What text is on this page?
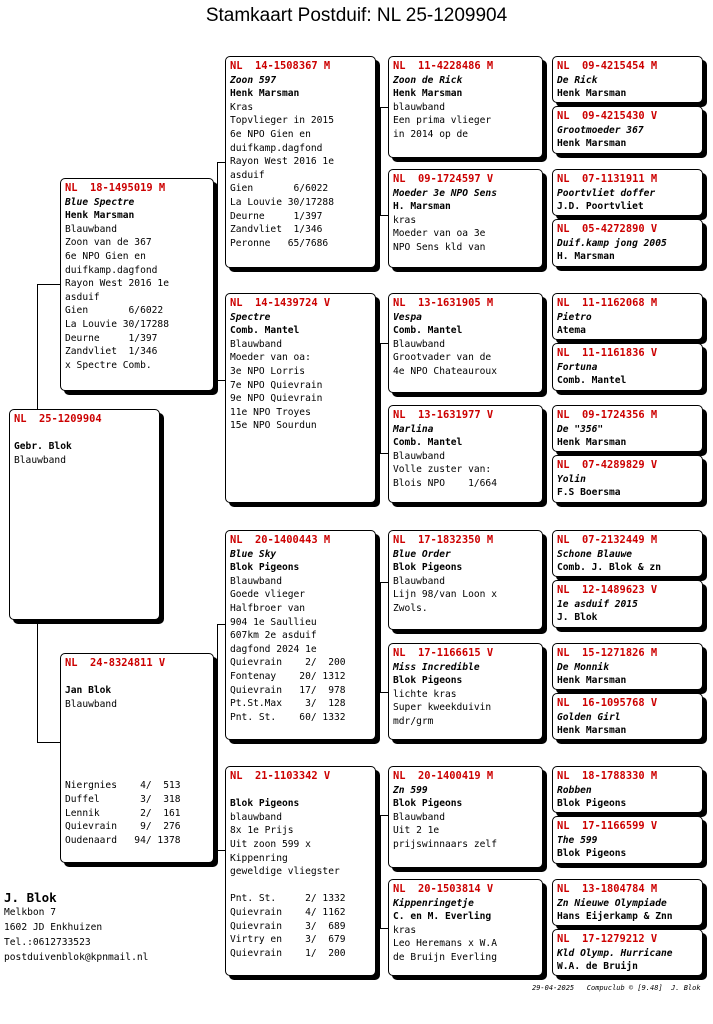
Stamkaart Postduif: NL 25-1209904
NL  25-1209904
Gebr. Blok
Blauwband
NL  18-1495019 M
Blue Spectre
Henk Marsman
Blauwband
Zoon van de 367
6e NPO Gien en
duifkamp.dagfond
Rayon West 2016 1e
asduif
Gien       6/6022
La Louvie 30/17288
Deurne     1/397
Zandvliet  1/346
x Spectre Comb.
NL  24-8324811 V
Jan Blok
Blauwband
Niergnies    4/  513
Duffel       3/  318
Lennik       2/  161
Quievrain    9/  276
Oudenaard   94/ 1378
NL  14-1508367 M
Zoon 597
Henk Marsman
Kras
Topvlieger in 2015
6e NPO Gien en
duifkamp.dagfond
Rayon West 2016 1e
asduif
Gien       6/6022
La Louvie 30/17288
Deurne     1/397
Zandvliet  1/346
Peronne   65/7686
NL  14-1439724 V
Spectre
Comb. Mantel
Blauwband
Moeder van oa:
3e NPO Lorris
7e NPO Quievrain
9e NPO Quievrain
11e NPO Troyes
15e NPO Sourdun
NL  20-1400443 M
Blue Sky
Blok Pigeons
Blauwband
Goede vlieger
Halfbroer van
904 1e Saullieu
607km 2e asduif
dagfond 2024 1e
Quievrain    2/  200
Fontenay    20/ 1312
Quievrain   17/  978
Pt.St.Max    3/  128
Pnt. St.    60/ 1332
NL  21-1103342 V
Blok Pigeons
blauwband
8x 1e Prijs
Uit zoon 599 x
Kippenring
geweldige vliegster
Pnt. St.     2/ 1332
Quievrain    4/ 1162
Quievrain    3/  689
Virtry en    3/  679
Quievrain    1/  200
NL  11-4228486 M
Zoon de Rick
Henk Marsman
blauwband
Een prima vlieger
in 2014 op de
NL  09-1724597 V
Moeder 3e NPO Sens
H. Marsman
kras
Moeder van oa 3e
NPO Sens kld van
NL  13-1631905 M
Vespa
Comb. Mantel
Blauwband
Grootvader van de
4e NPO Chateauroux
NL  13-1631977 V
Marlina
Comb. Mantel
Blauwband
Volle zuster van:
Blois NPO    1/664
NL  17-1832350 M
Blue Order
Blok Pigeons
Blauwband
Lijn 98/van Loon x
Zwols.
NL  17-1166615 V
Miss Incredible
Blok Pigeons
lichte kras
Super kweekduivin
mdr/grm
NL  20-1400419 M
Zn 599
Blok Pigeons
Blauwband
Uit 2 1e
prijswinnaars zelf
NL  20-1503814 V
Kippenringetje
C. en M. Everling
kras
Leo Heremans x W.A
de Bruijn Everling
NL  09-4215454 M
De Rick
Henk Marsman
NL  09-4215430 V
Grootmoeder 367
Henk Marsman
NL  07-1131911 M
Poortvliet doffer
J.D. Poortvliet
NL  05-4272890 V
Duif.kamp jong 2005
H. Marsman
NL  11-1162068 M
Pietro
Atema
NL  11-1161836 V
Fortuna
Comb. Mantel
NL  09-1724356 M
De "356"
Henk Marsman
NL  07-4289829 V
Yolin
F.S Boersma
NL  07-2132449 M
Schone Blauwe
Comb. J. Blok & zn
NL  12-1489623 V
1e asduif 2015
J. Blok
NL  15-1271826 M
De Monnik
Henk Marsman
NL  16-1095768 V
Golden Girl
Henk Marsman
NL  18-1788330 M
Robben
Blok Pigeons
NL  17-1166599 V
The 599
Blok Pigeons
NL  13-1804784 M
Zn Nieuwe Olympiade
Hans Eijerkamp & Znn
NL  17-1279212 V
Kld Olymp. Hurricane
W.A. de Bruijn
J. Blok
Melkbon 7
1602 JD Enkhuizen
Tel.:0612733523
postduivenblok@kpnmail.nl
29-04-2025   Compuclub © [9.48]  J. Blok
